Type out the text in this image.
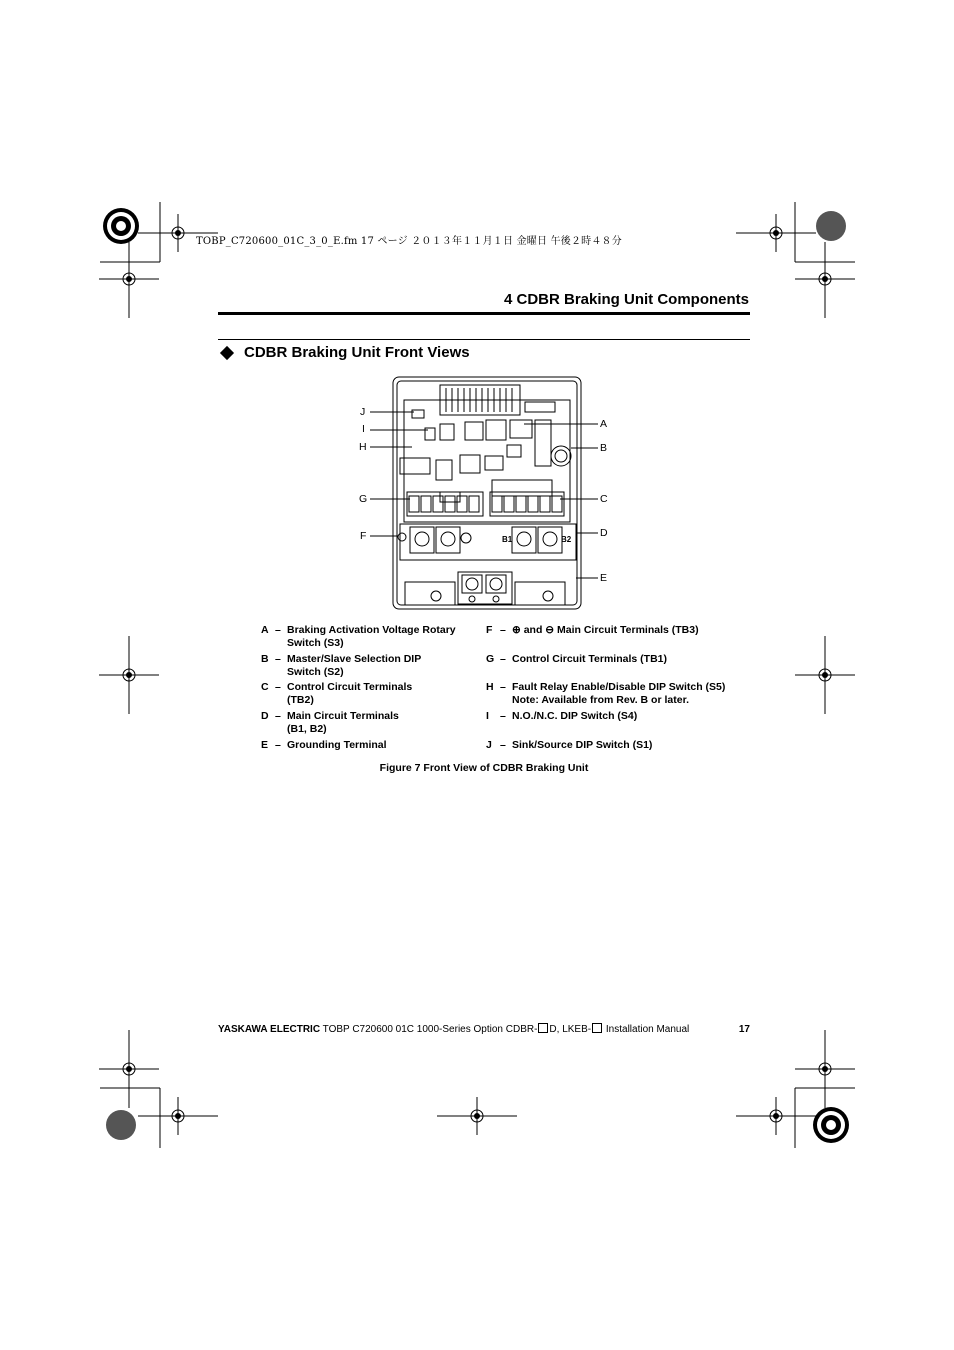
TOBP_C720600_01C_3_0_E.fm 17 ページ ２０１３年１１月１日 金曜日 午後２時４８分
4 CDBR Braking Unit Components
CDBR Braking Unit Front Views
B1	B2
J
I
H
G
F
A
B
C
D
E
A – Braking Activation Voltage Rotary Switch (S3)
B – Master/Slave Selection DIP Switch (S2)
C – Control Circuit Terminals (TB2)
D – Main Circuit Terminals (B1, B2)
E – Grounding Terminal
F – ⊕ and ⊖ Main Circuit Terminals (TB3)
G – Control Circuit Terminals (TB1)
H – Fault Relay Enable/Disable DIP Switch (S5)
Note: Available from Rev. B or later.
I	– N.O./N.C. DIP Switch (S4)
J – Sink/Source DIP Switch (S1)
Figure 7 Front View of CDBR Braking Unit
YASKAWA ELECTRIC TOBP C720600 01C 1000-Series Option CDBR- D, LKEB- Installation Manual	17
